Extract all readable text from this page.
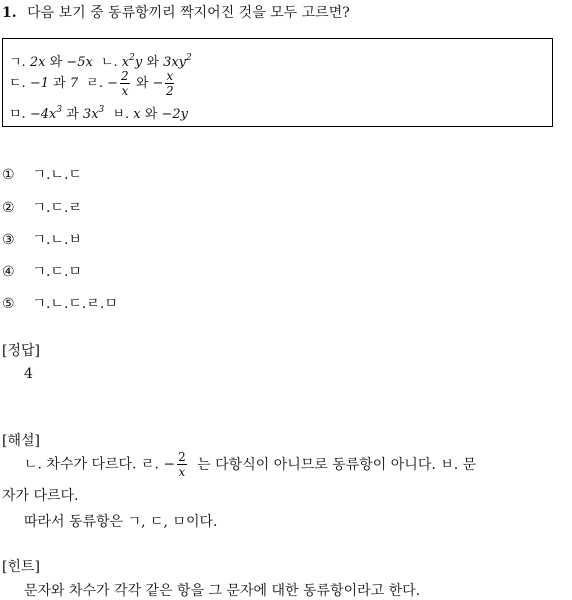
1. 다음 보기 중 동류항끼리 짝지어진 것을 모두 고르면?
ㄱ. 2x 와 −5x ㄴ. $x^2y$ 와 $3xy^2$
ㄷ. −1 과 7 ㄹ. − $\frac{2}{x}$ 와 − $\frac{x}{2}$
ㅁ. $-4x^3$ 과 $3x^3$ ㅂ. x 와 −2y
① ㄱ.ㄴ.ㄷ
② ㄱ.ㄷ.ㄹ
③ ㄱ.ㄴ.ㅂ
④ ㄱ.ㄷ.ㅁ
⑤ ㄱ.ㄴ.ㄷ.ㄹ.ㅁ
[정답]
4
[해설]
ㄴ. 차수가 다르다. ㄹ. − $\frac{2}{x}$ 는 다항식이 아니므로 동류항이 아니다. ㅂ. 문
자가 다르다.
따라서 동류항은 ㄱ, ㄷ, ㅁ이다.
[힌트]
문자와 차수가 각각 같은 항을 그 문자에 대한 동류항이라고 한다.
